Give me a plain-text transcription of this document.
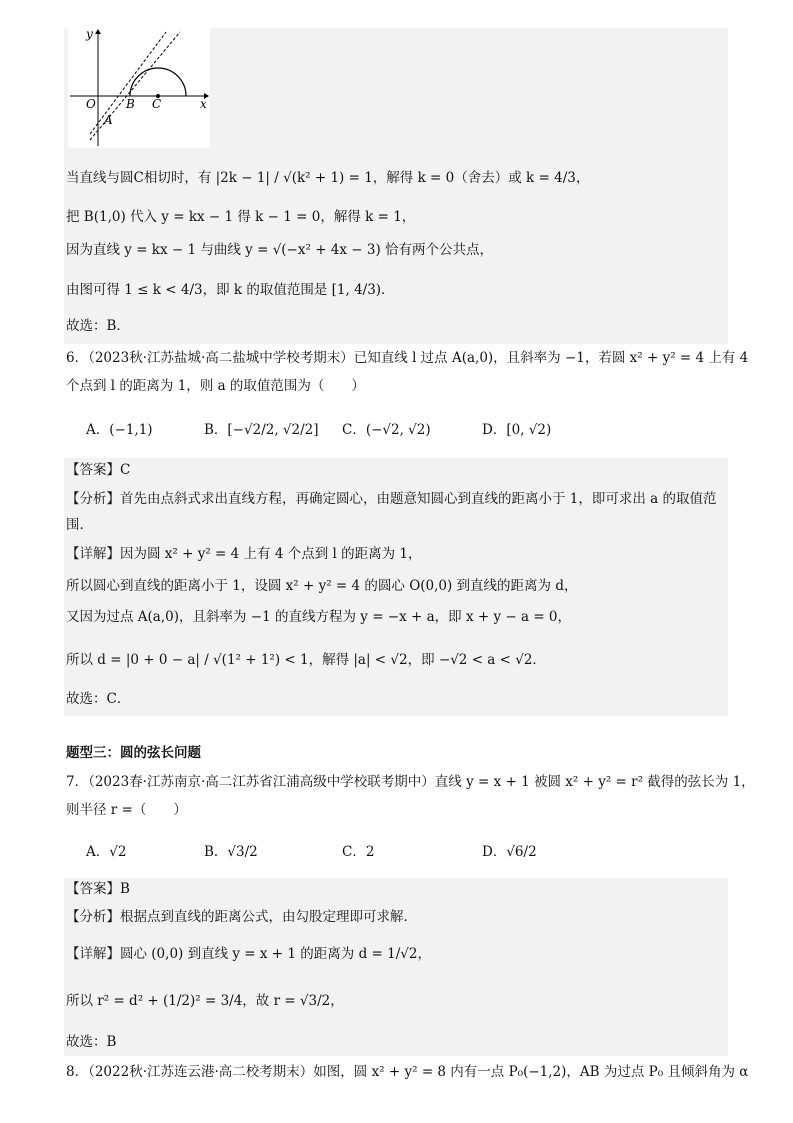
y
x
O	B C
A
当直线与圆C相切时，有 |2k − 1| / √(k² + 1) = 1，解得 k = 0（舍去）或 k = 4/3，
把 B(1,0) 代入 y = kx − 1 得 k − 1 = 0，解得 k = 1，
因为直线 y = kx − 1 与曲线 y = √(−x² + 4x − 3) 恰有两个公共点，
由图可得 1 ≤ k < 4/3，即 k 的取值范围是 [1, 4/3)．
故选：B．
6．（2023秋·江苏盐城·高二盐城中学校考期末）已知直线 l 过点 A(a,0)，且斜率为 −1，若圆 x² + y² = 4 上有 4
个点到 l 的距离为 1，则 a 的取值范围为（　　）
A．(−1,1)	B．[−√2/2, √2/2] C．(−√2, √2)	D．[0, √2)
【答案】C
【分析】首先由点斜式求出直线方程，再确定圆心，由题意知圆心到直线的距离小于 1，即可求出 a 的取值范
围．
【详解】因为圆 x² + y² = 4 上有 4 个点到 l 的距离为 1，
所以圆心到直线的距离小于 1，设圆 x² + y² = 4 的圆心 O(0,0) 到直线的距离为 d，
又因为过点 A(a,0)，且斜率为 −1 的直线方程为 y = −x + a，即 x + y − a = 0，
所以 d = |0 + 0 − a| / √(1² + 1²) < 1，解得 |a| < √2，即 −√2 < a < √2．
故选：C．
题型三：圆的弦长问题
7．（2023春·江苏南京·高二江苏省江浦高级中学校联考期中）直线 y = x + 1 被圆 x² + y² = r² 截得的弦长为 1，
则半径 r =（　　）
A．√2	B．√3/2	C．2	D．√6/2
【答案】B
【分析】根据点到直线的距离公式，由勾股定理即可求解．
【详解】圆心 (0,0) 到直线 y = x + 1 的距离为 d = 1/√2，
所以 r² = d² + (1/2)² = 3/4，故 r = √3/2，
故选：B
8．（2022秋·江苏连云港·高二校考期末）如图，圆 x² + y² = 8 内有一点 P₀(−1,2)，AB 为过点 P₀ 且倾斜角为 α
